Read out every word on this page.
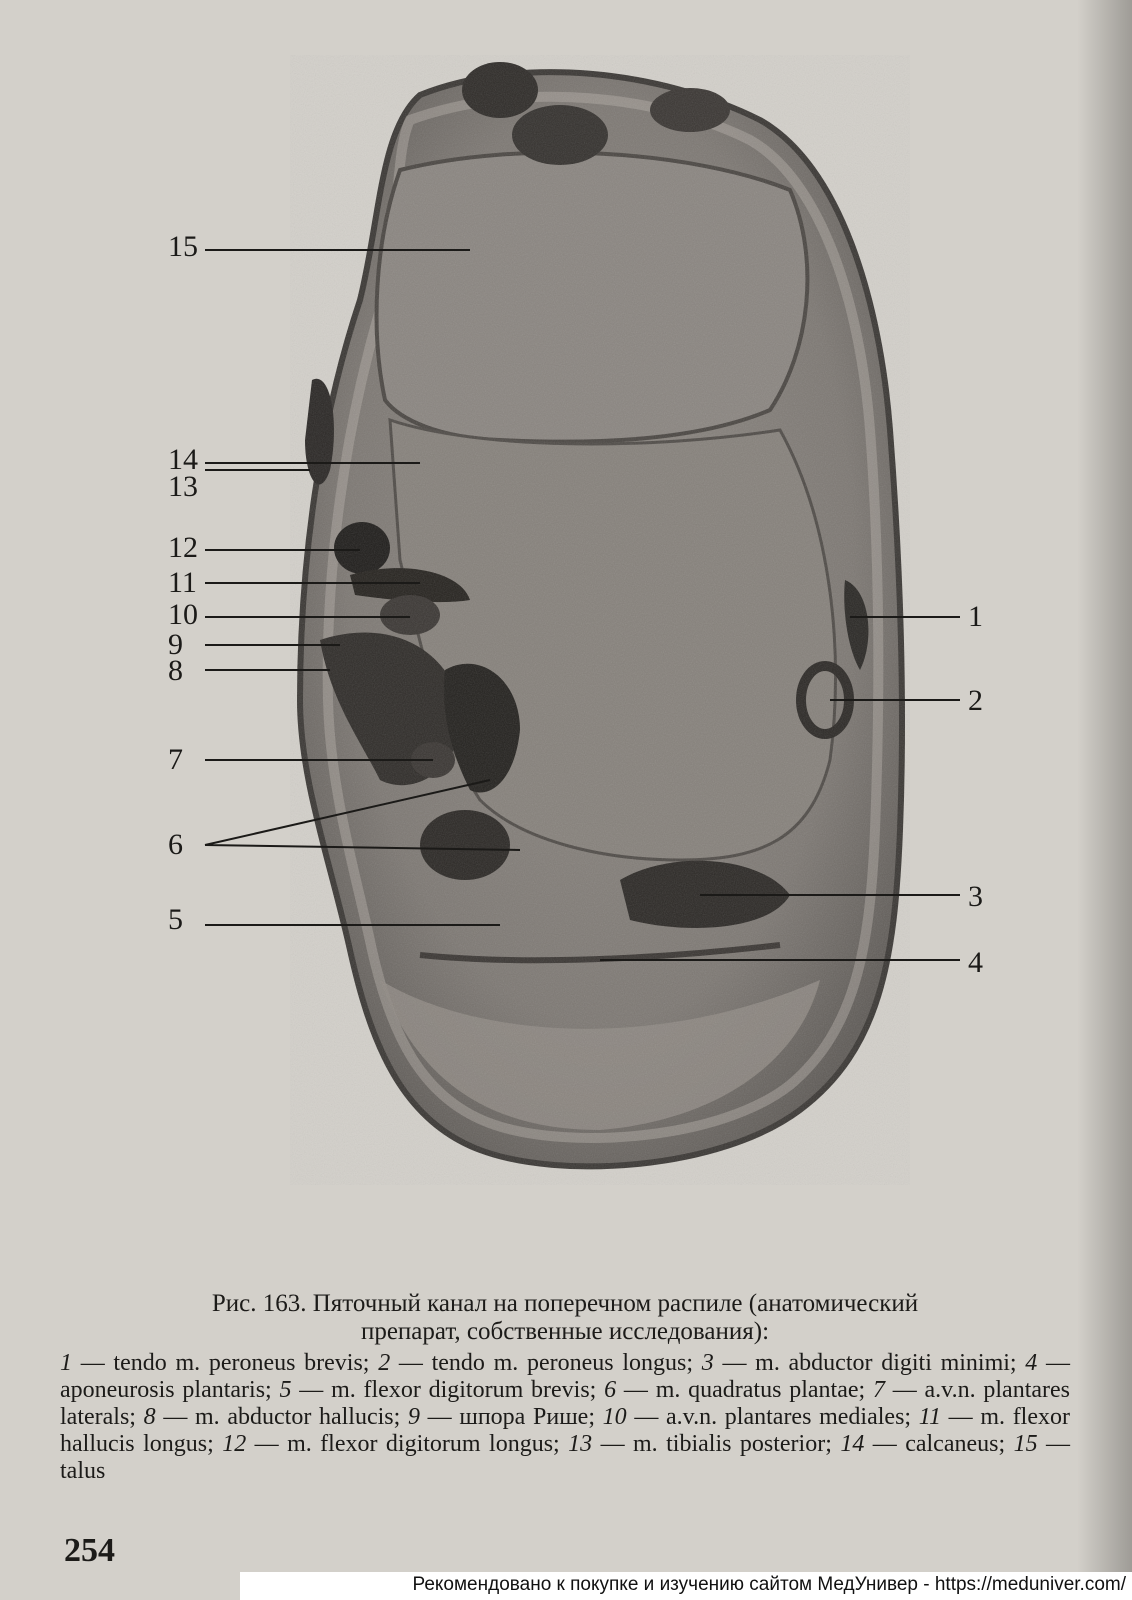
15
14
13
12
11
10
9
8
7
6
5
1
2
3
4
Рис. 163. Пяточный канал на поперечном распиле (анатомический
препарат, собственные исследования):
1 — tendo m. peroneus brevis; 2 — tendo m. peroneus longus; 3 — m. abductor digiti minimi; 4 — aponeurosis plantaris; 5 — m. flexor digitorum brevis; 6 — m. quadratus plantae; 7 — a.v.n. plantares laterals; 8 — m. abductor hallucis; 9 — шпора Рише; 10 — a.v.n. plantares mediales; 11 — m. flexor hallucis longus; 12 — m. flexor digitorum longus; 13 — m. tibialis posterior; 14 — calcaneus; 15 — talus
254
Рекомендовано к покупке и изучению сайтом МедУнивер - https://meduniver.com/
